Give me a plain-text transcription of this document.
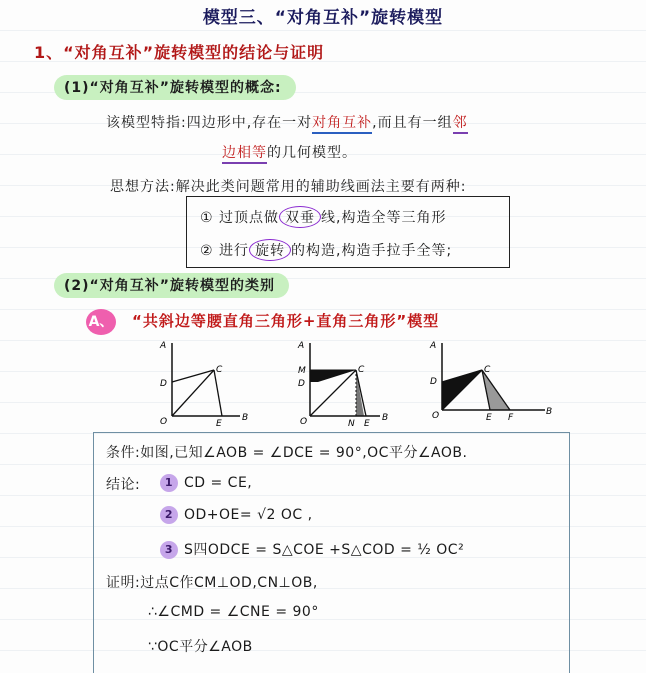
模型三、“对角互补”旋转模型
1、“对角互补”旋转模型的结论与证明
(1)“对角互补”旋转模型的概念:
该模型特指:四边形中,存在一对对角互补,而且有一组邻
边相等的几何模型。
思想方法:解决此类问题常用的辅助线画法主要有两种:
① 过顶点做 双垂 线,构造全等三角形
② 进行 旋转 的构造,构造手拉手全等;
(2)“对角互补”旋转模型的类别
A、 “共斜边等腰直角三角形+直角三角形”模型
A
D
C
O	E
B
A
M
D
C
O	N E
B
A
D
C
O	E F
B
条件:如图,已知∠AOB = ∠DCE = 90°,OC平分∠AOB.
结论:	1 CD = CE,
2 OD+OE= √2 OC ,
3 S四ODCE = S△COE +S△COD = ½ OC²
证明:过点C作CM⊥OD,CN⊥OB,
∴∠CMD = ∠CNE = 90°
∵OC平分∠AOB
